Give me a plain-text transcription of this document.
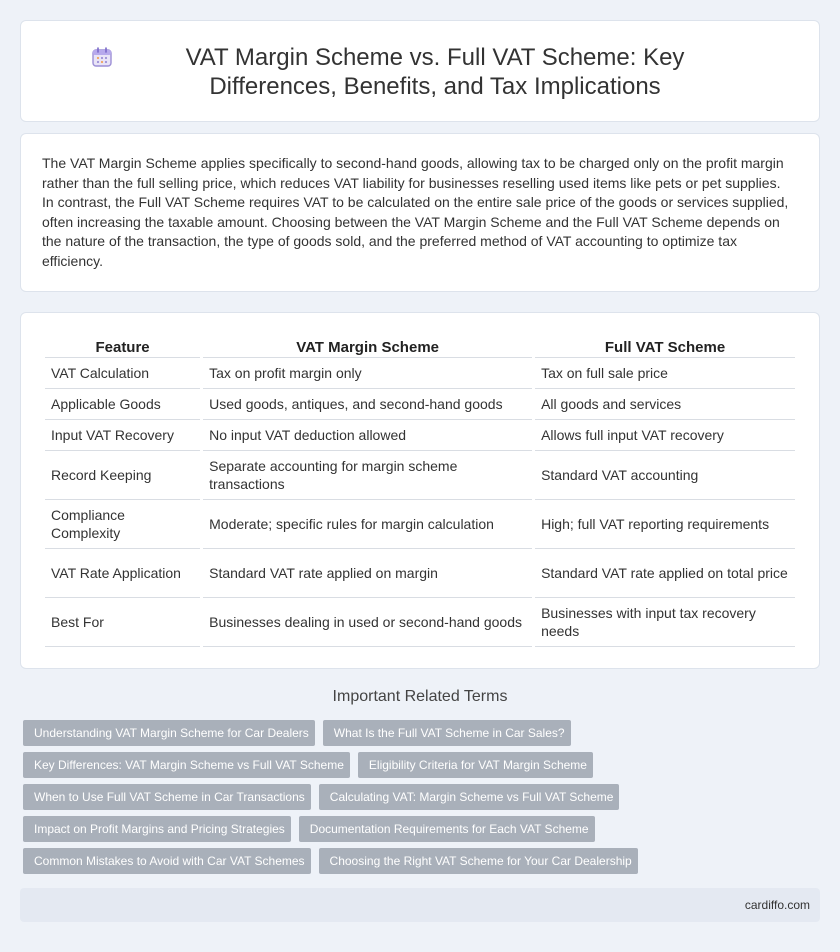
VAT Margin Scheme vs. Full VAT Scheme: Key Differences, Benefits, and Tax Implications

The VAT Margin Scheme applies specifically to second-hand goods, allowing tax to be charged only on the profit margin rather than the full selling price, which reduces VAT liability for businesses reselling used items like pets or pet supplies. In contrast, the Full VAT Scheme requires VAT to be calculated on the entire sale price of the goods or services supplied, often increasing the taxable amount. Choosing between the VAT Margin Scheme and the Full VAT Scheme depends on the nature of the transaction, the type of goods sold, and the preferred method of VAT accounting to optimize tax efficiency.

Feature	VAT Margin Scheme	Full VAT Scheme
VAT Calculation	Tax on profit margin only	Tax on full sale price
Applicable Goods	Used goods, antiques, and second-hand goods	All goods and services
Input VAT Recovery	No input VAT deduction allowed	Allows full input VAT recovery
Record Keeping	Separate accounting for margin scheme transactions	Standard VAT accounting
Compliance Complexity	Moderate; specific rules for margin calculation	High; full VAT reporting requirements
VAT Rate Application	Standard VAT rate applied on margin	Standard VAT rate applied on total price
Best For	Businesses dealing in used or second-hand goods	Businesses with input tax recovery needs
Important Related Terms
Understanding VAT Margin Scheme for Car Dealers	What Is the Full VAT Scheme in Car Sales?
Key Differences: VAT Margin Scheme vs Full VAT Scheme	Eligibility Criteria for VAT Margin Scheme
When to Use Full VAT Scheme in Car Transactions	Calculating VAT: Margin Scheme vs Full VAT Scheme
Impact on Profit Margins and Pricing Strategies	Documentation Requirements for Each VAT Scheme
Common Mistakes to Avoid with Car VAT Schemes	Choosing the Right VAT Scheme for Your Car Dealership
cardiffo.com
